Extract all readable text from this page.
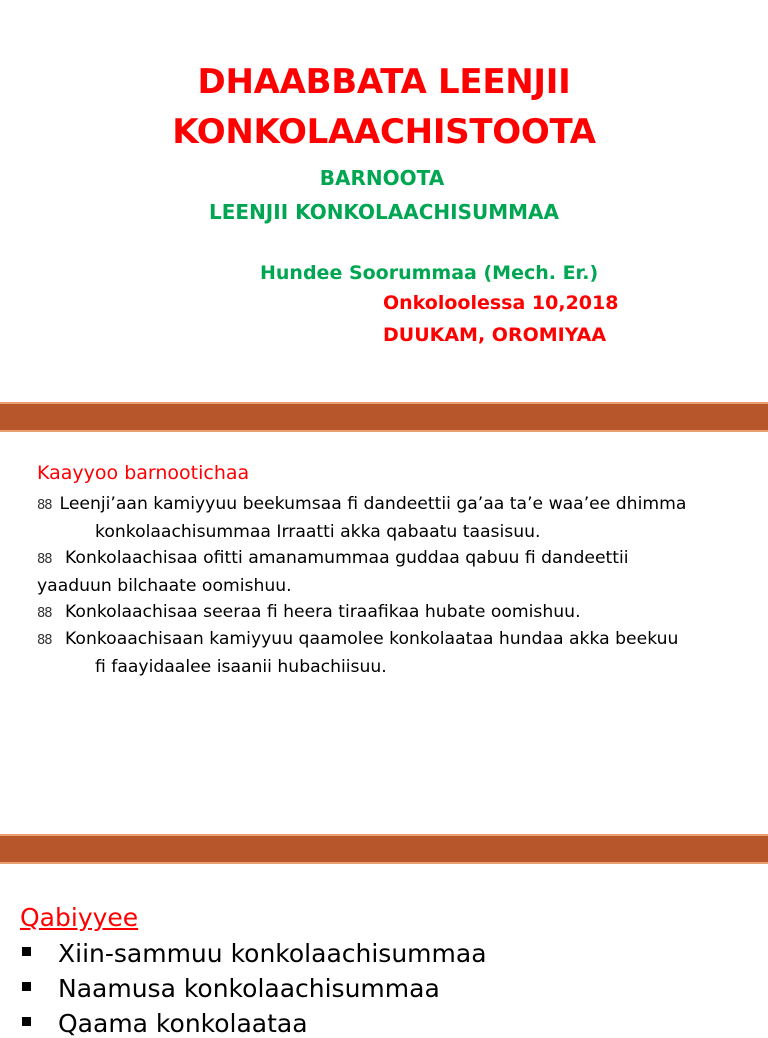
DHAABBATA LEENJII
KONKOLAACHISTOOTA
BARNOOTA
LEENJII KONKOLAACHISUMMAA
Hundee Soorummaa (Mech. Er.)
Onkoloolessa 10,2018
DUUKAM, OROMIYAA
Kaayyoo barnootichaa
88 Leenji’aan kamiyyuu beekumsaa fi dandeettii ga’aa ta’e waa’ee dhimma
konkolaachisummaa Irraatti akka qabaatu taasisuu.
88 Konkolaachisaa ofitti amanamummaa guddaa qabuu fi dandeettii
yaaduun bilchaate oomishuu.
88 Konkolaachisaa seeraa fi heera tiraafikaa hubate oomishuu.
88 Konkoaachisaan kamiyyuu qaamolee konkolaataa hundaa akka beekuu
fi faayidaalee isaanii hubachiisuu.
Qabiyyee
Xiin-sammuu konkolaachisummaa
Naamusa konkolaachisummaa
Qaama konkolaataa
